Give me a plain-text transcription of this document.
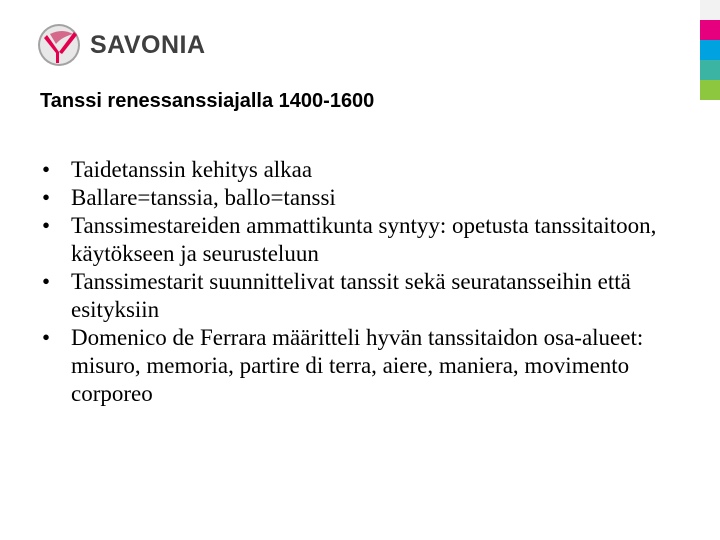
SAVONIA
Tanssi renessanssiajalla 1400-1600
• Taidetanssin kehitys alkaa
• Ballare=tanssia, ballo=tanssi
• Tanssimestareiden ammattikunta syntyy: opetusta tanssitaitoon, käytökseen ja seurusteluun
• Tanssimestarit suunnittelivat tanssit sekä seuratansseihin että esityksiin
• Domenico de Ferrara määritteli hyvän tanssitaidon osa-alueet: misuro, memoria, partire di terra, aiere, maniera, movimento corporeo
